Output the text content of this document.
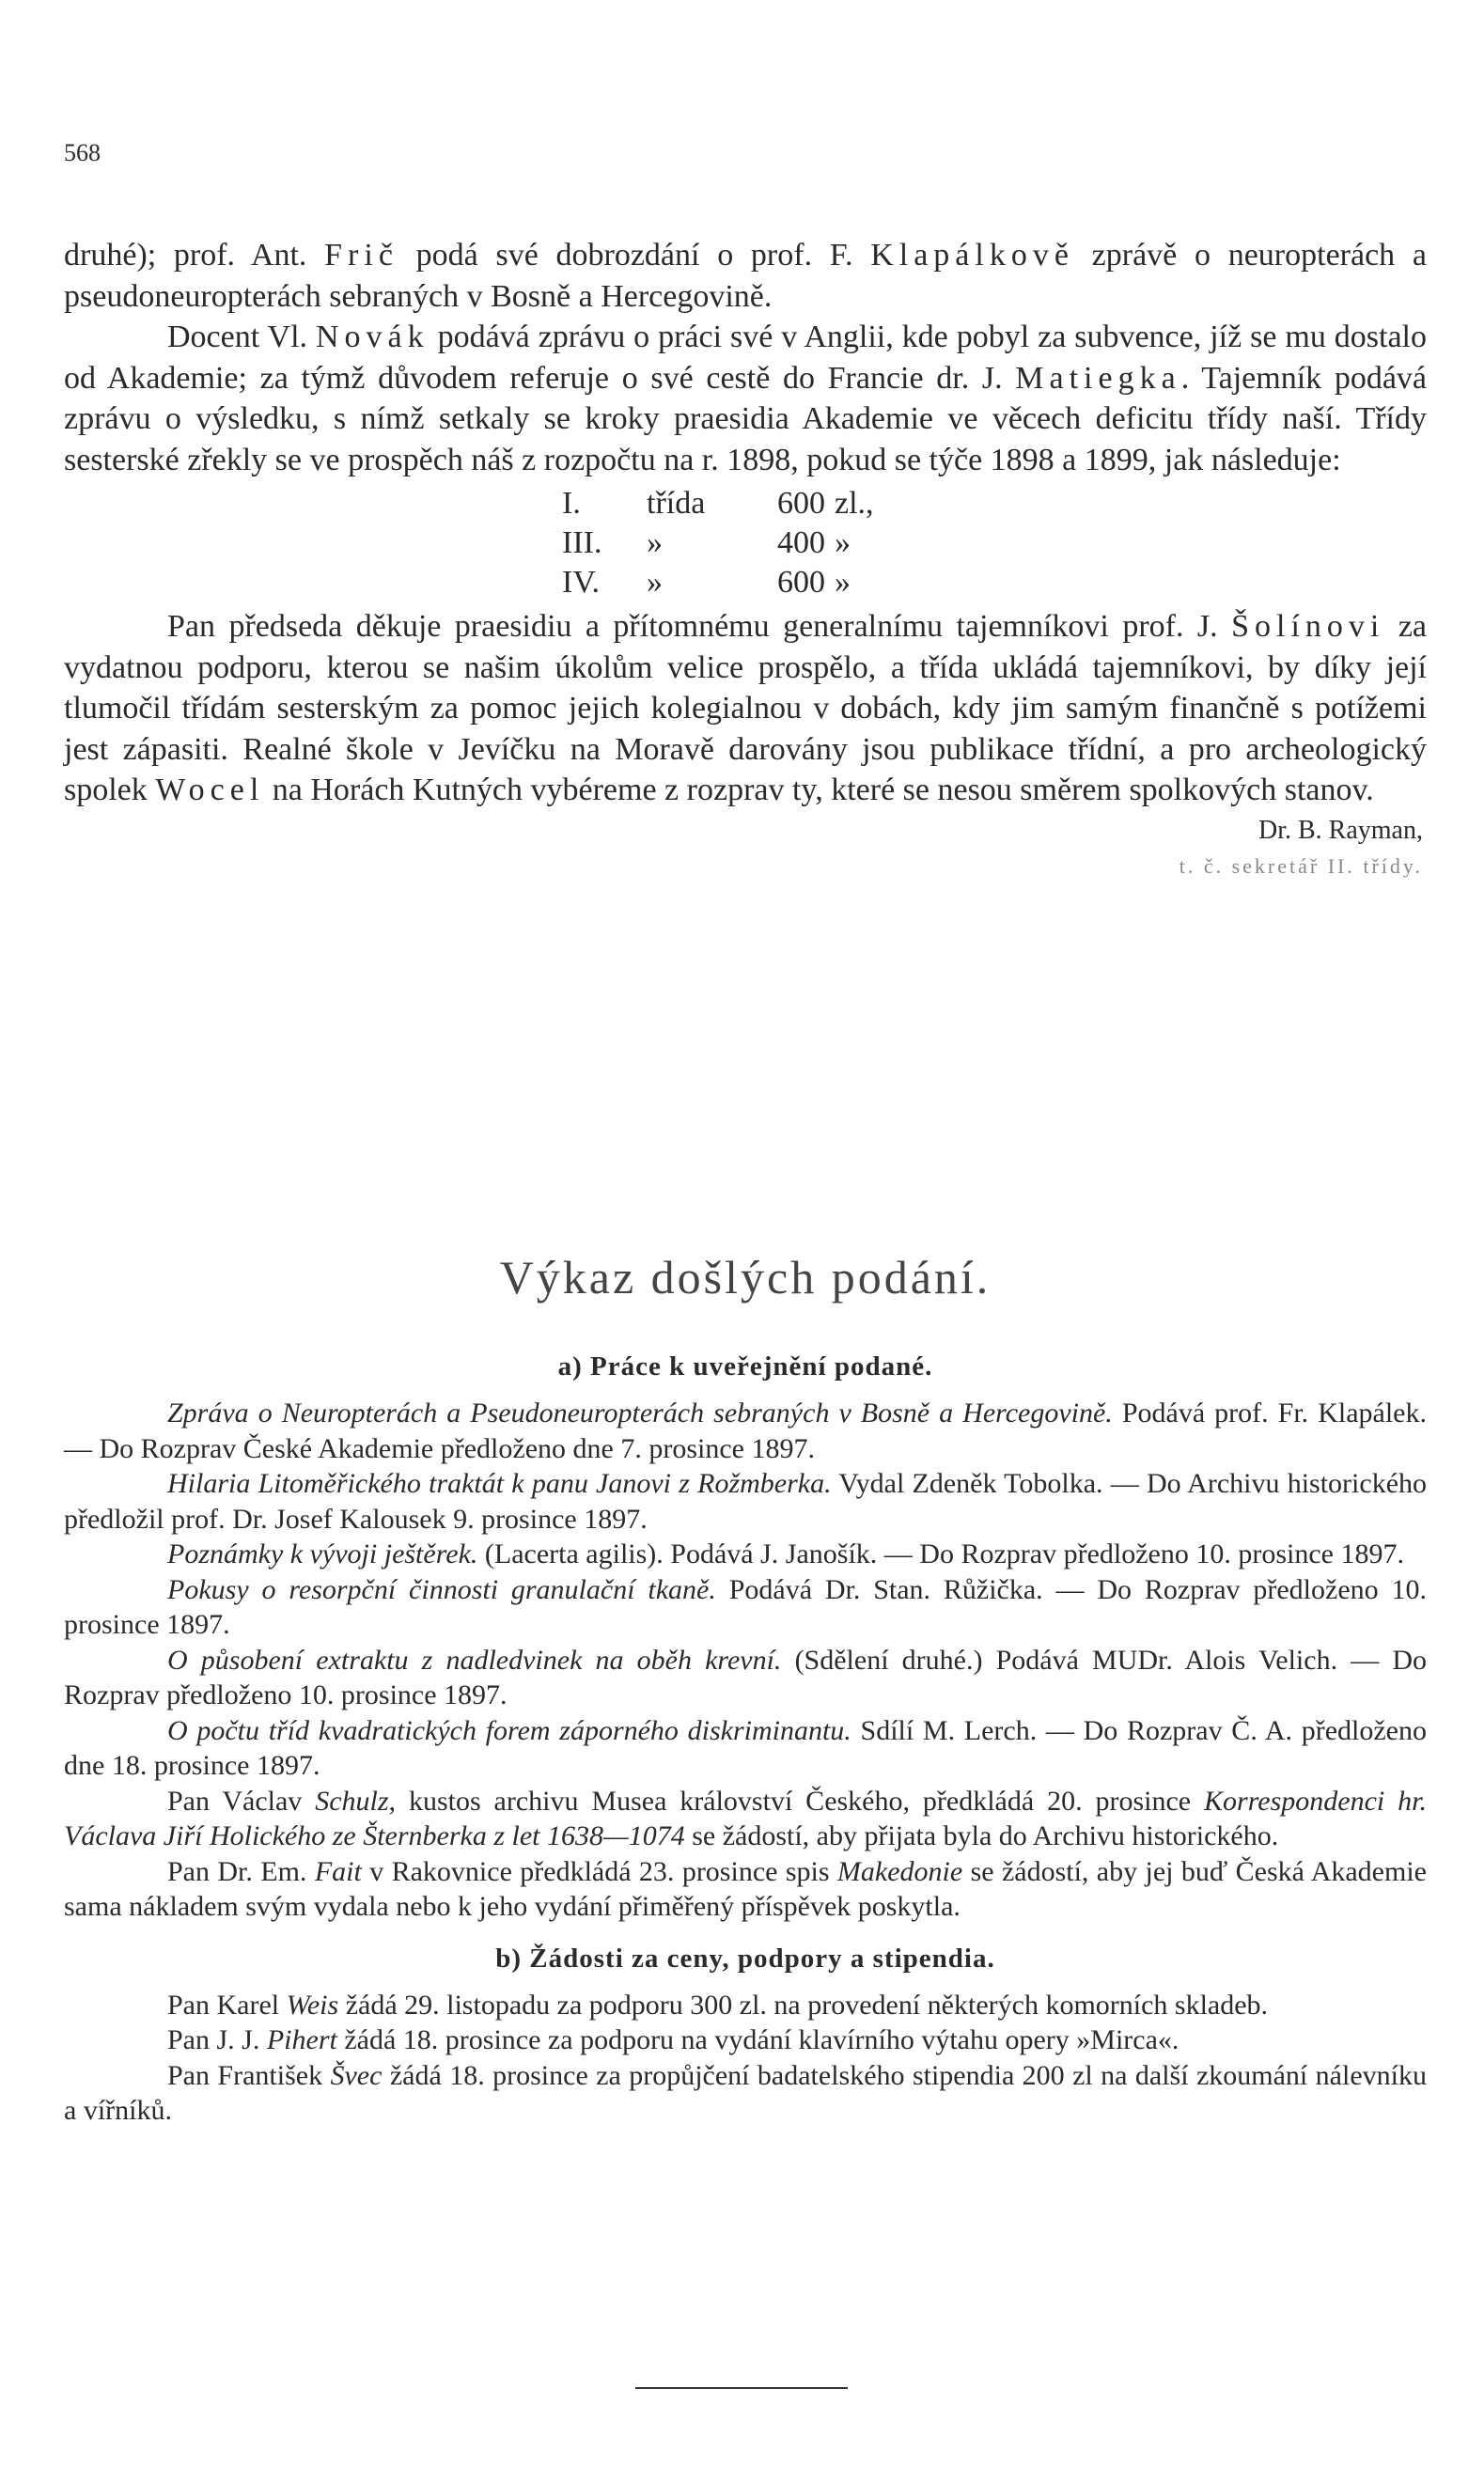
568

druhé); prof. Ant. Frič podá své dobrozdání o prof. F. Klapálkově zprávě o neuropterách a pseudoneuropterách sebraných v Bosně a Hercegovině.

Docent Vl. Novák podává zprávu o práci své v Anglii, kde pobyl za subvence, jíž se mu dostalo od Akademie; za týmž důvodem referuje o své cestě do Francie dr. J. Matiegka. Tajemník podává zprávu o výsledku, s nímž setkaly se kroky praesidia Akademie ve věcech deficitu třídy naší. Třídy sesterské zřekly se ve prospěch náš z rozpočtu na r. 1898, pokud se týče 1898 a 1899, jak následuje:

I.	třída	600 zl.,
III.	»	400 »
IV.	»	600 »

Pan předseda děkuje praesidiu a přítomnému generalnímu tajemníkovi prof. J. Šolínovi za vydatnou podporu, kterou se našim úkolům velice prospělo, a třída ukládá tajemníkovi, by díky její tlumočil třídám sesterským za pomoc jejich kolegialnou v dobách, kdy jim samým finančně s potížemi jest zápasiti. Realné škole v Jevíčku na Moravě darovány jsou publikace třídní, a pro archeologický spolek Wocel na Horách Kutných vybéreme z rozprav ty, které se nesou směrem spolkových stanov.

Dr. B. Rayman,
t. č. sekretář II. třídy.
Výkaz došlých podání.
a) Práce k uveřejnění podané.

Zpráva o Neuropterách a Pseudoneuropterách sebraných v Bosně a Hercegovině. Podává prof. Fr. Klapálek. — Do Rozprav České Akademie předloženo dne 7. prosince 1897.

Hilaria Litoměřického traktát k panu Janovi z Rožmberka. Vydal Zdeněk Tobolka. — Do Archivu historického předložil prof. Dr. Josef Kalousek 9. prosince 1897.

Poznámky k vývoji ještěrek. (Lacerta agilis). Podává J. Janošík. — Do Rozprav předloženo 10. prosince 1897.

Pokusy o resorpční činnosti granulační tkaně. Podává Dr. Stan. Růžička. — Do Rozprav předloženo 10. prosince 1897.

O působení extraktu z nadledvinek na oběh krevní. (Sdělení druhé.) Podává MUDr. Alois Velich. — Do Rozprav předloženo 10. prosince 1897.

O počtu tříd kvadratických forem záporného diskriminantu. Sdílí M. Lerch. — Do Rozprav Č. A. předloženo dne 18. prosince 1897.

Pan Václav Schulz, kustos archivu Musea království Českého, předkládá 20. prosince Korrespondenci hr. Václava Jiří Holického ze Šternberka z let 1638—1074 se žádostí, aby přijata byla do Archivu historického.

Pan Dr. Em. Fait v Rakovnice předkládá 23. prosince spis Makedonie se žádostí, aby jej buď Česká Akademie sama nákladem svým vydala nebo k jeho vydání přiměřený příspěvek poskytla.

b) Žádosti za ceny, podpory a stipendia.

Pan Karel Weis žádá 29. listopadu za podporu 300 zl. na provedení některých komorních skladeb.

Pan J. J. Pihert žádá 18. prosince za podporu na vydání klavírního výtahu opery »Mirca«.

Pan František Švec žádá 18. prosince za propůjčení badatelského stipendia 200 zl na další zkoumání nálevníku a vířníků.
